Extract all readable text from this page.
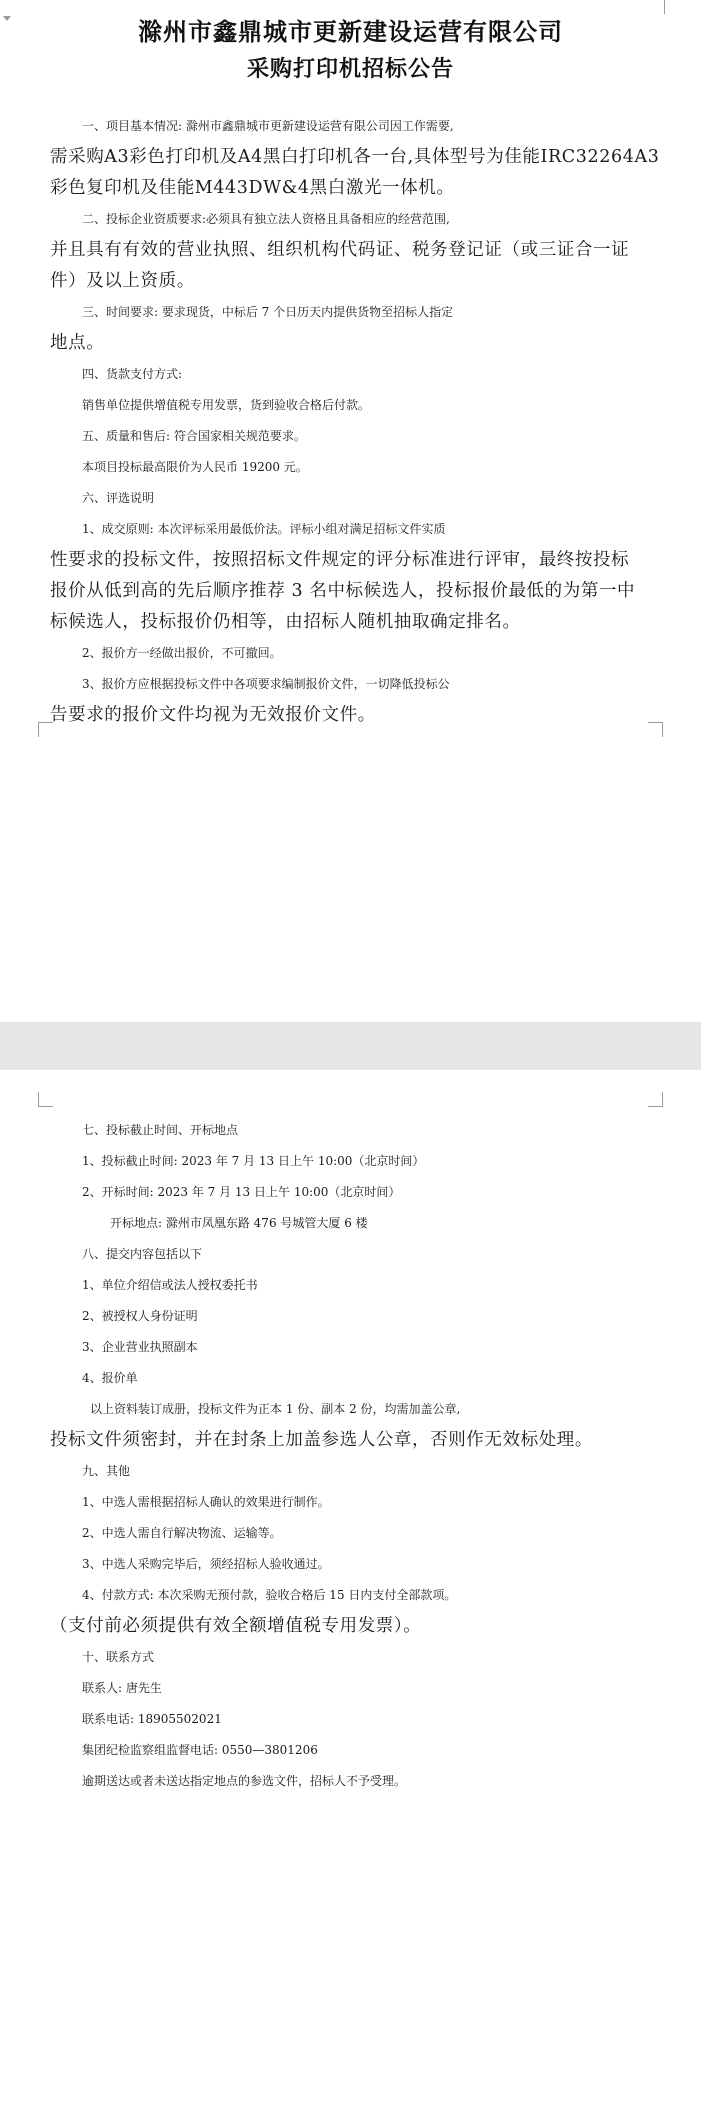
滁州市鑫鼎城市更新建设运营有限公司
采购打印机招标公告
一、项目基本情况: 滁州市鑫鼎城市更新建设运营有限公司因工作需要,
需采购A3彩色打印机及A4黑白打印机各一台,具体型号为佳能IRC32264A3
彩色复印机及佳能M443DW&4黑白激光一体机。
二、投标企业资质要求:必须具有独立法人资格且具备相应的经营范围,
并且具有有效的营业执照、组织机构代码证、税务登记证（或三证合一证
件）及以上资质。
三、时间要求: 要求现货，中标后 7 个日历天内提供货物至招标人指定
地点。
四、货款支付方式:
销售单位提供增值税专用发票，货到验收合格后付款。
五、质量和售后: 符合国家相关规范要求。
本项目投标最高限价为人民币 19200 元。
六、评选说明
1、成交原则: 本次评标采用最低价法。评标小组对满足招标文件实质
性要求的投标文件，按照招标文件规定的评分标准进行评审，最终按投标
报价从低到高的先后顺序推荐 3 名中标候选人，投标报价最低的为第一中
标候选人，投标报价仍相等，由招标人随机抽取确定排名。
2、报价方一经做出报价，不可撤回。
3、报价方应根据投标文件中各项要求编制报价文件，一切降低投标公
告要求的报价文件均视为无效报价文件。
七、投标截止时间、开标地点
1、投标截止时间: 2023 年 7 月 13 日上午 10:00（北京时间）
2、开标时间: 2023 年 7 月 13 日上午 10:00（北京时间）
开标地点: 滁州市凤凰东路 476 号城管大厦 6 楼
八、提交内容包括以下
1、单位介绍信或法人授权委托书
2、被授权人身份证明
3、企业营业执照副本
4、报价单
以上资料装订成册，投标文件为正本 1 份、副本 2 份，均需加盖公章,
投标文件须密封，并在封条上加盖参选人公章，否则作无效标处理。
九、其他
1、中选人需根据招标人确认的效果进行制作。
2、中选人需自行解决物流、运输等。
3、中选人采购完毕后，须经招标人验收通过。
4、付款方式: 本次采购无预付款，验收合格后 15 日内支付全部款项。
（支付前必须提供有效全额增值税专用发票）。
十、联系方式
联系人: 唐先生
联系电话: 18905502021
集团纪检监察组监督电话: 0550—3801206
逾期送达或者未送达指定地点的参选文件，招标人不予受理。
